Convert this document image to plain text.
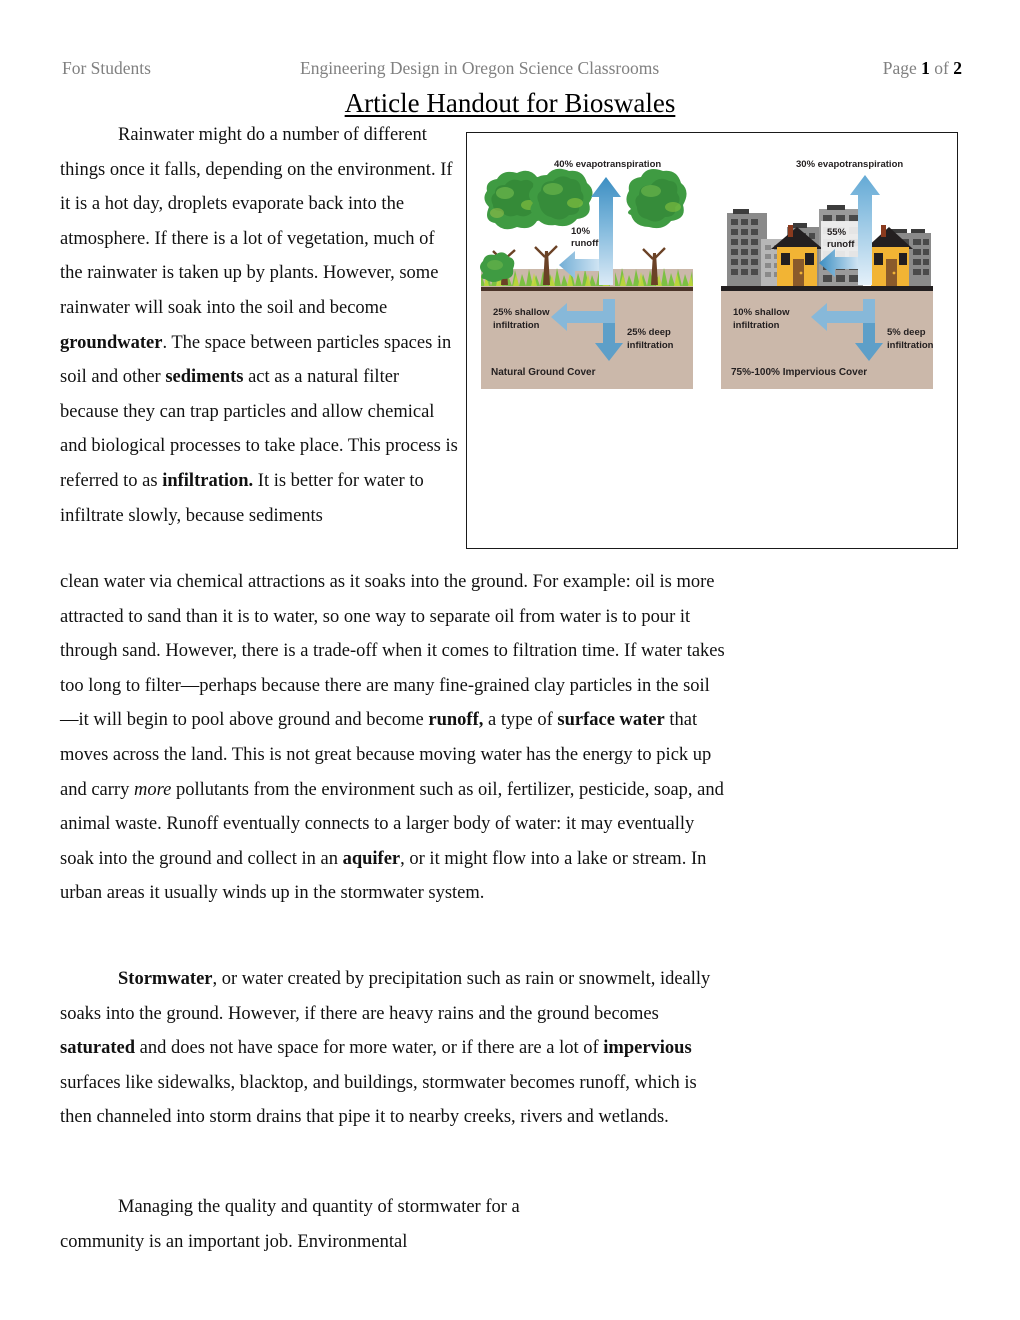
For Students	Engineering Design in Oregon Science Classrooms	Page 1 of 2
Article Handout for Bioswales
40% evapotranspiration
10%
runoff
25% shallow
infiltration
25% deep
infiltration
Natural Ground Cover
30% evapotranspiration
55%
runoff
10% shallow
infiltration
5% deep
infiltration
75%-100% Impervious Cover
Rainwater might do a number of different things once it falls, depending on the environment. If it is a hot day, droplets evaporate back into the atmosphere. If there is a lot of vegetation, much of the rainwater is taken up by plants. However, some rainwater will soak into the soil and become groundwater. The space between particles spaces in soil and other sediments act as a natural filter because they can trap particles and allow chemical and biological processes to take place. This process is referred to as infiltration. It is better for water to infiltrate slowly, because sediments
clean water via chemical attractions as it soaks into the ground. For example: oil is more attracted to sand than it is to water, so one way to separate oil from water is to pour it through sand. However, there is a trade-off when it comes to filtration time. If water takes too long to filter—perhaps because there are many fine-grained clay particles in the soil—it will begin to pool above ground and become runoff, a type of surface water that moves across the land. This is not great because moving water has the energy to pick up and carry more pollutants from the environment such as oil, fertilizer, pesticide, soap, and animal waste. Runoff eventually connects to a larger body of water: it may eventually soak into the ground and collect in an aquifer, or it might flow into a lake or stream. In urban areas it usually winds up in the stormwater system.
Stormwater, or water created by precipitation such as rain or snowmelt, ideally soaks into the ground. However, if there are heavy rains and the ground becomes saturated and does not have space for more water, or if there are a lot of impervious surfaces like sidewalks, blacktop, and buildings, stormwater becomes runoff, which is then channeled into storm drains that pipe it to nearby creeks, rivers and wetlands.
Managing the quality and quantity of stormwater for a community is an important job. Environmental
